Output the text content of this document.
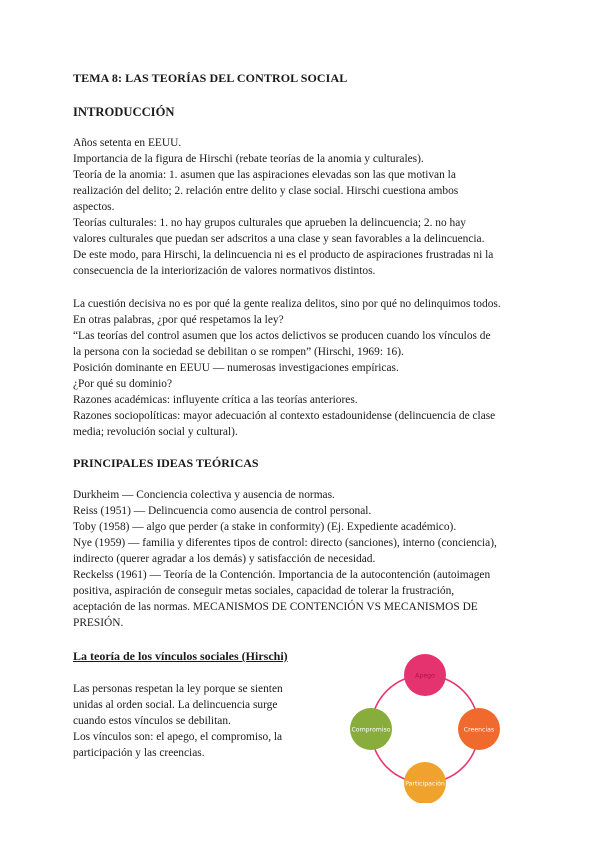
TEMA 8: LAS TEORÍAS DEL CONTROL SOCIAL
INTRODUCCIÓN
Años setenta en EEUU.
Importancia de la figura de Hirschi (rebate teorías de la anomia y culturales).
Teoría de la anomia: 1. asumen que las aspiraciones elevadas son las que motivan la
realización del delito; 2. relación entre delito y clase social. Hirschi cuestiona ambos
aspectos.
Teorías culturales: 1. no hay grupos culturales que aprueben la delincuencia; 2. no hay
valores culturales que puedan ser adscritos a una clase y sean favorables a la delincuencia.
De este modo, para Hirschi, la delincuencia ni es el producto de aspiraciones frustradas ni la
consecuencia de la interiorización de valores normativos distintos.
La cuestión decisiva no es por qué la gente realiza delitos, sino por qué no delinquimos todos.
En otras palabras, ¿por qué respetamos la ley?
“Las teorías del control asumen que los actos delictivos se producen cuando los vínculos de
la persona con la sociedad se debilitan o se rompen” (Hirschi, 1969: 16).
Posición dominante en EEUU — numerosas investigaciones empíricas.
¿Por qué su dominio?
Razones académicas: influyente crítica a las teorías anteriores.
Razones sociopolíticas: mayor adecuación al contexto estadounidense (delincuencia de clase
media; revolución social y cultural).
PRINCIPALES IDEAS TEÓRICAS
Durkheim — Conciencia colectiva y ausencia de normas.
Reiss (1951) — Delincuencia como ausencia de control personal.
Toby (1958) — algo que perder (a stake in conformity) (Ej. Expediente académico).
Nye (1959) — familia y diferentes tipos de control: directo (sanciones), interno (conciencia),
indirecto (querer agradar a los demás) y satisfacción de necesidad.
Reckelss (1961) — Teoría de la Contención. Importancia de la autocontención (autoimagen
positiva, aspiración de conseguir metas sociales, capacidad de tolerar la frustración,
aceptación de las normas. MECANISMOS DE CONTENCIÓN VS MECANISMOS DE
PRESIÓN.
La teoría de los vínculos sociales (Hirschi)
Las personas respetan la ley porque se sienten
unidas al orden social. La delincuencia surge
cuando estos vínculos se debilitan.
Los vínculos son: el apego, el compromiso, la
participación y las creencias.
Apego
Creencias
Participación
Compromiso
